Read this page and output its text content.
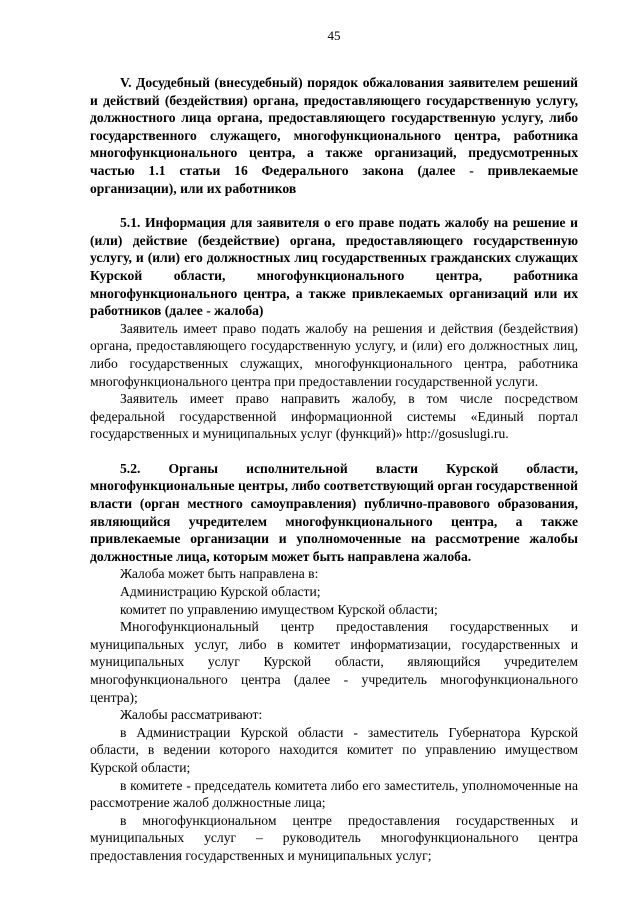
45

V. Досудебный (внесудебный) порядок обжалования заявителем решений и действий (бездействия) органа, предоставляющего государственную услугу, должностного лица органа, предоставляющего государственную услугу, либо государственного служащего, многофункционального центра, работника многофункционального центра, а также организаций, предусмотренных частью 1.1 статьи 16 Федерального закона (далее - привлекаемые организации), или их работников

5.1. Информация для заявителя о его праве подать жалобу на решение и (или) действие (бездействие) органа, предоставляющего государственную услугу, и (или) его должностных лиц государственных гражданских служащих Курской области, многофункционального центра, работника многофункционального центра, а также привлекаемых организаций или их работников (далее - жалоба)

Заявитель имеет право подать жалобу на решения и действия (бездействия) органа, предоставляющего государственную услугу, и (или) его должностных лиц, либо государственных служащих, многофункционального центра, работника многофункционального центра при предоставлении государственной услуги.

Заявитель имеет право направить жалобу, в том числе посредством федеральной государственной информационной системы «Единый портал государственных и муниципальных услуг (функций)» http://gosuslugi.ru.

5.2. Органы исполнительной власти Курской области, многофункциональные центры, либо соответствующий орган государственной власти (орган местного самоуправления) публично-правового образования, являющийся учредителем многофункционального центра, а также привлекаемые организации и уполномоченные на рассмотрение жалобы должностные лица, которым может быть направлена жалоба.

Жалоба может быть направлена в:

Администрацию Курской области;

комитет по управлению имуществом Курской области;

Многофункциональный центр предоставления государственных и муниципальных услуг, либо в комитет информатизации, государственных и муниципальных услуг Курской области, являющийся учредителем многофункционального центра (далее - учредитель многофункционального центра);

Жалобы рассматривают:

в Администрации Курской области - заместитель Губернатора Курской области, в ведении которого находится комитет по управлению имуществом Курской области;

в комитете - председатель комитета либо его заместитель, уполномоченные на рассмотрение жалоб должностные лица;

в многофункциональном центре предоставления государственных и муниципальных услуг – руководитель многофункционального центра предоставления государственных и муниципальных услуг;
